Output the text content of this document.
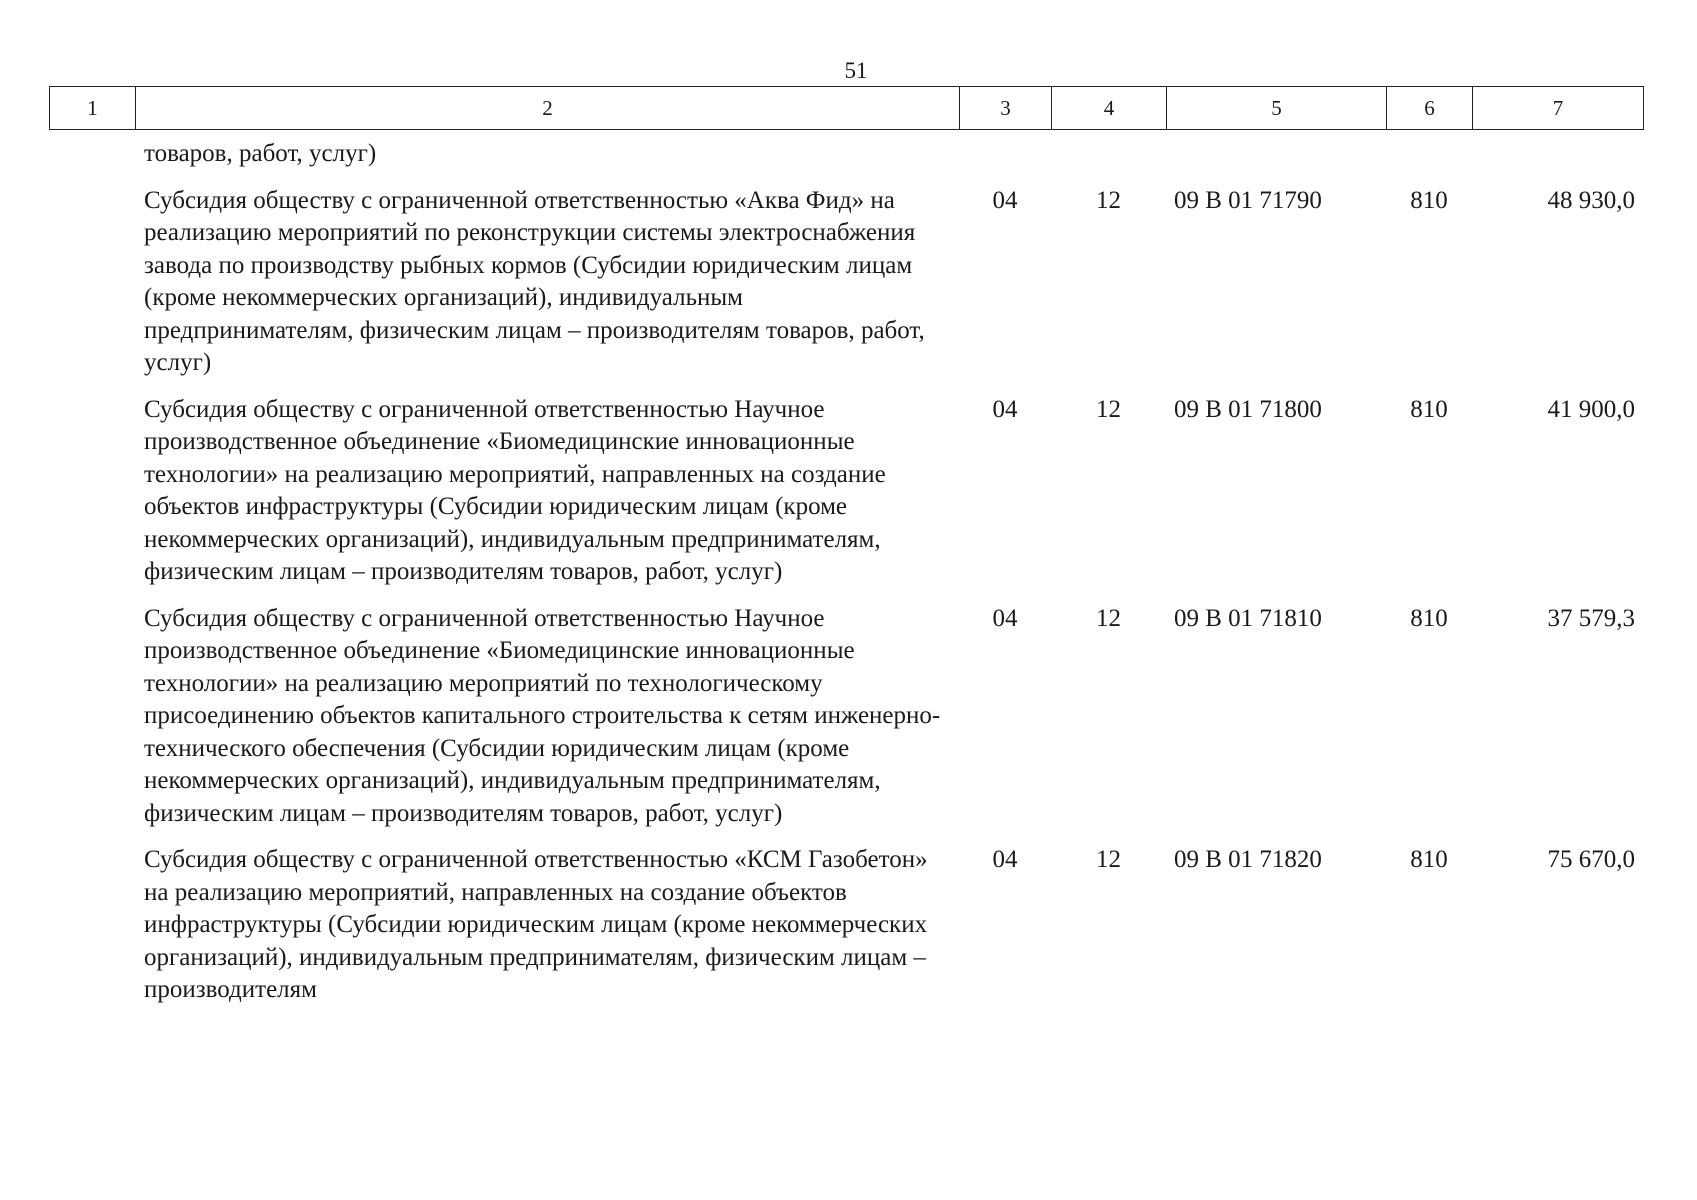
51
1	2	3	4	5	6	7
товаров, работ, услуг)					
Субсидия обществу с ограниченной ответственностью «Аква Фид» на реализацию мероприятий по реконструкции системы электроснабжения завода по производству рыбных кормов (Субсидии юридическим лицам (кроме некоммерческих организаций), индивидуальным предпринимателям, физическим лицам – производителям товаров, работ, услуг)	04	12	09 В 01 71790	810	48 930,0
Субсидия обществу с ограниченной ответственностью Научное производственное объединение «Биомедицинские инновационные технологии» на реализацию мероприятий, направленных на создание объектов инфраструктуры (Субсидии юридическим лицам (кроме некоммерческих организаций), индивидуальным предпринимателям, физическим лицам – производителям товаров, работ, услуг)	04	12	09 В 01 71800	810	41 900,0
Субсидия обществу с ограниченной ответственностью Научное производственное объединение «Биомедицинские инновационные технологии» на реализацию мероприятий по технологическому присоединению объектов капитального строительства к сетям инженерно-технического обеспечения (Субсидии юридическим лицам (кроме некоммерческих организаций), индивидуальным предпринимателям, физическим лицам – производителям товаров, работ, услуг)	04	12	09 В 01 71810	810	37 579,3
Субсидия обществу с ограниченной ответственностью «КСМ Газобетон» на реализацию мероприятий, направленных на создание объектов инфраструктуры (Субсидии юридическим лицам (кроме некоммерческих организаций), индивидуальным предпринимателям, физическим лицам – производителям	04	12	09 В 01 71820	810	75 670,0
